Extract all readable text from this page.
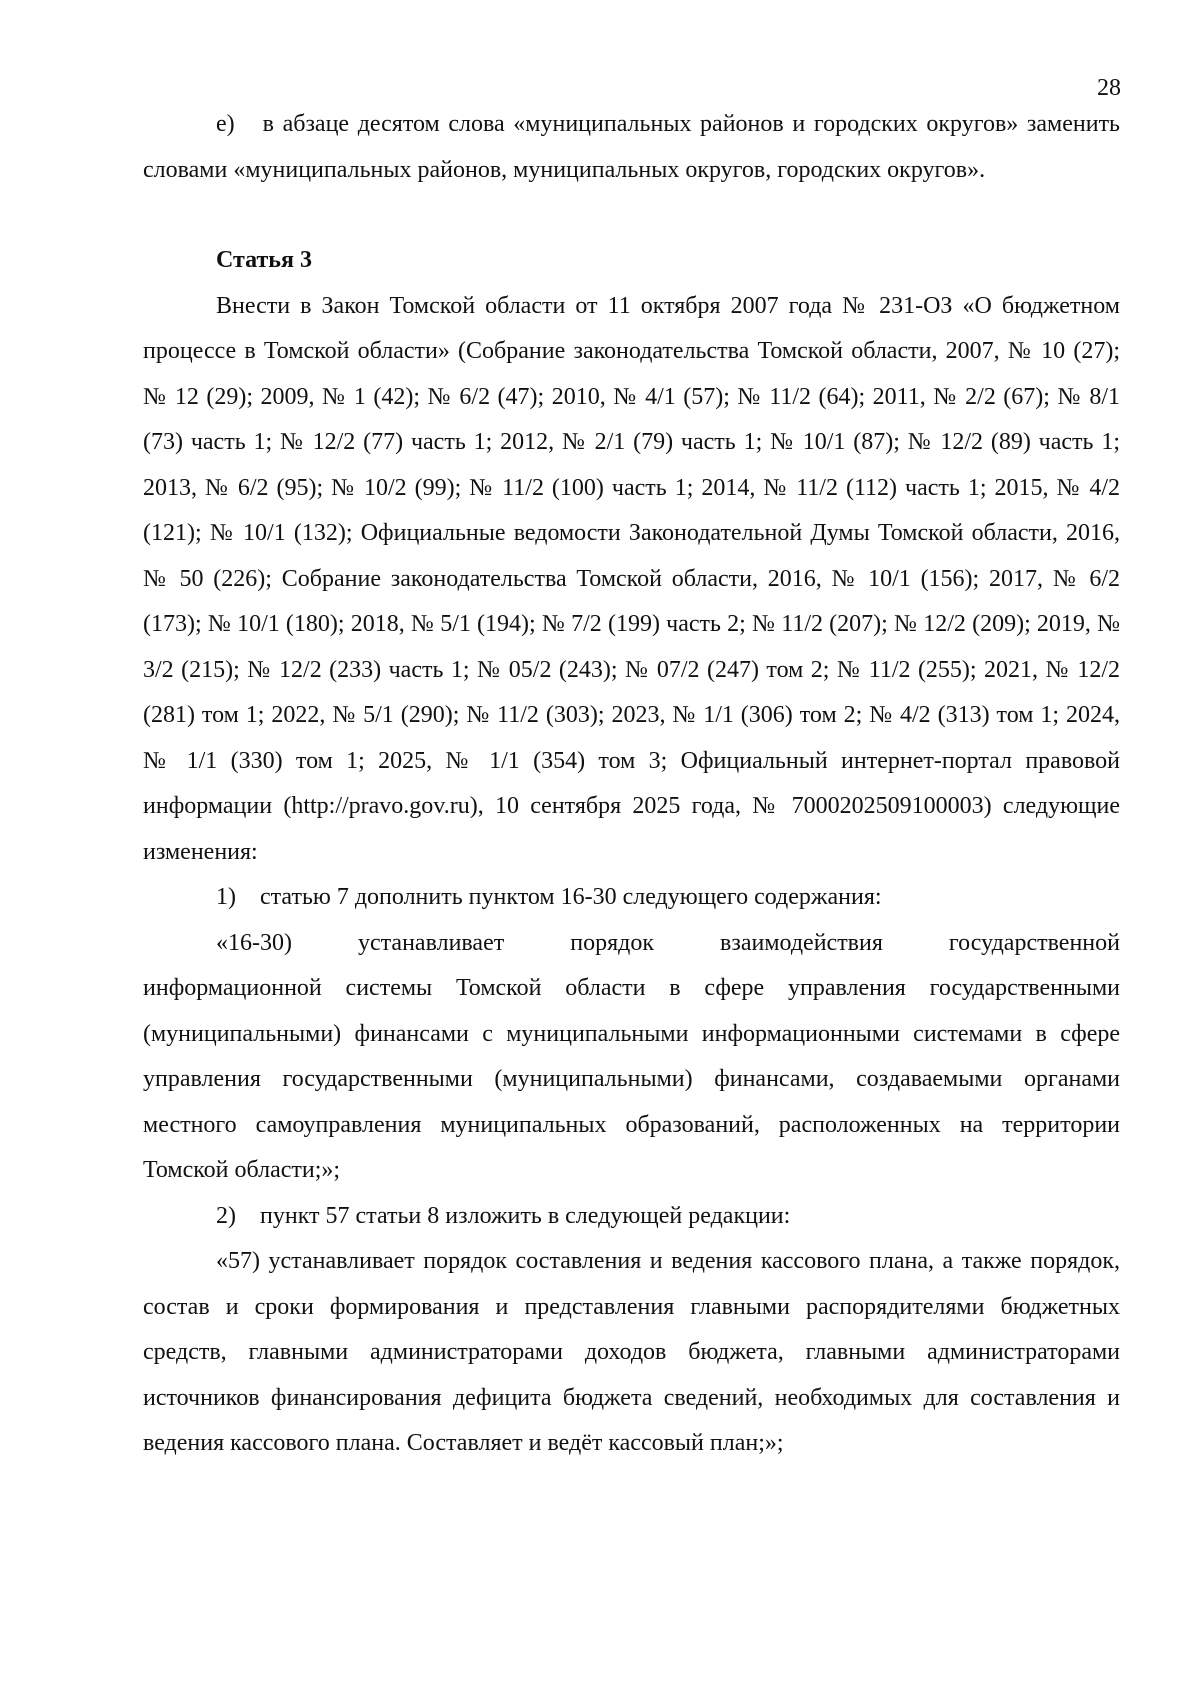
28

е) в абзаце десятом слова «муниципальных районов и городских округов» заменить словами «муниципальных районов, муниципальных округов, городских округов».

Статья 3

Внести в Закон Томской области от 11 октября 2007 года № 231-ОЗ «О бюджетном процессе в Томской области» (Собрание законодательства Томской области, 2007, № 10 (27); № 12 (29); 2009, № 1 (42); № 6/2 (47); 2010, № 4/1 (57); № 11/2 (64); 2011, № 2/2 (67); № 8/1 (73) часть 1; № 12/2 (77) часть 1; 2012, № 2/1 (79) часть 1; № 10/1 (87); № 12/2 (89) часть 1; 2013, № 6/2 (95); № 10/2 (99); № 11/2 (100) часть 1; 2014, № 11/2 (112) часть 1; 2015, № 4/2 (121); № 10/1 (132); Официальные ведомости Законодательной Думы Томской области, 2016, № 50 (226); Собрание законодательства Томской области, 2016, № 10/1 (156); 2017, № 6/2 (173); № 10/1 (180); 2018, № 5/1 (194); № 7/2 (199) часть 2; № 11/2 (207); № 12/2 (209); 2019, № 3/2 (215); № 12/2 (233) часть 1; № 05/2 (243); № 07/2 (247) том 2; № 11/2 (255); 2021, № 12/2 (281) том 1; 2022, № 5/1 (290); № 11/2 (303); 2023, № 1/1 (306) том 2; № 4/2 (313) том 1; 2024, № 1/1 (330) том 1; 2025, № 1/1 (354) том 3; Официальный интернет-портал правовой информации (http://pravo.gov.ru), 10 сентября 2025 года, № 7000202509100003) следующие изменения:

1) статью 7 дополнить пунктом 16-30 следующего содержания:

«16-30)	устанавливает	порядок	взаимодействия	государственной

информационной системы Томской области в сфере управления государственными (муниципальными) финансами с муниципальными информационными системами в сфере управления государственными (муниципальными) финансами, создаваемыми органами местного самоуправления муниципальных образований, расположенных на территории Томской области;»;

2) пункт 57 статьи 8 изложить в следующей редакции:

«57) устанавливает порядок составления и ведения кассового плана, а также порядок, состав и сроки формирования и представления главными распорядителями бюджетных средств, главными администраторами доходов бюджета, главными администраторами источников финансирования дефицита бюджета сведений, необходимых для составления и ведения кассового плана. Составляет и ведёт кассовый план;»;
